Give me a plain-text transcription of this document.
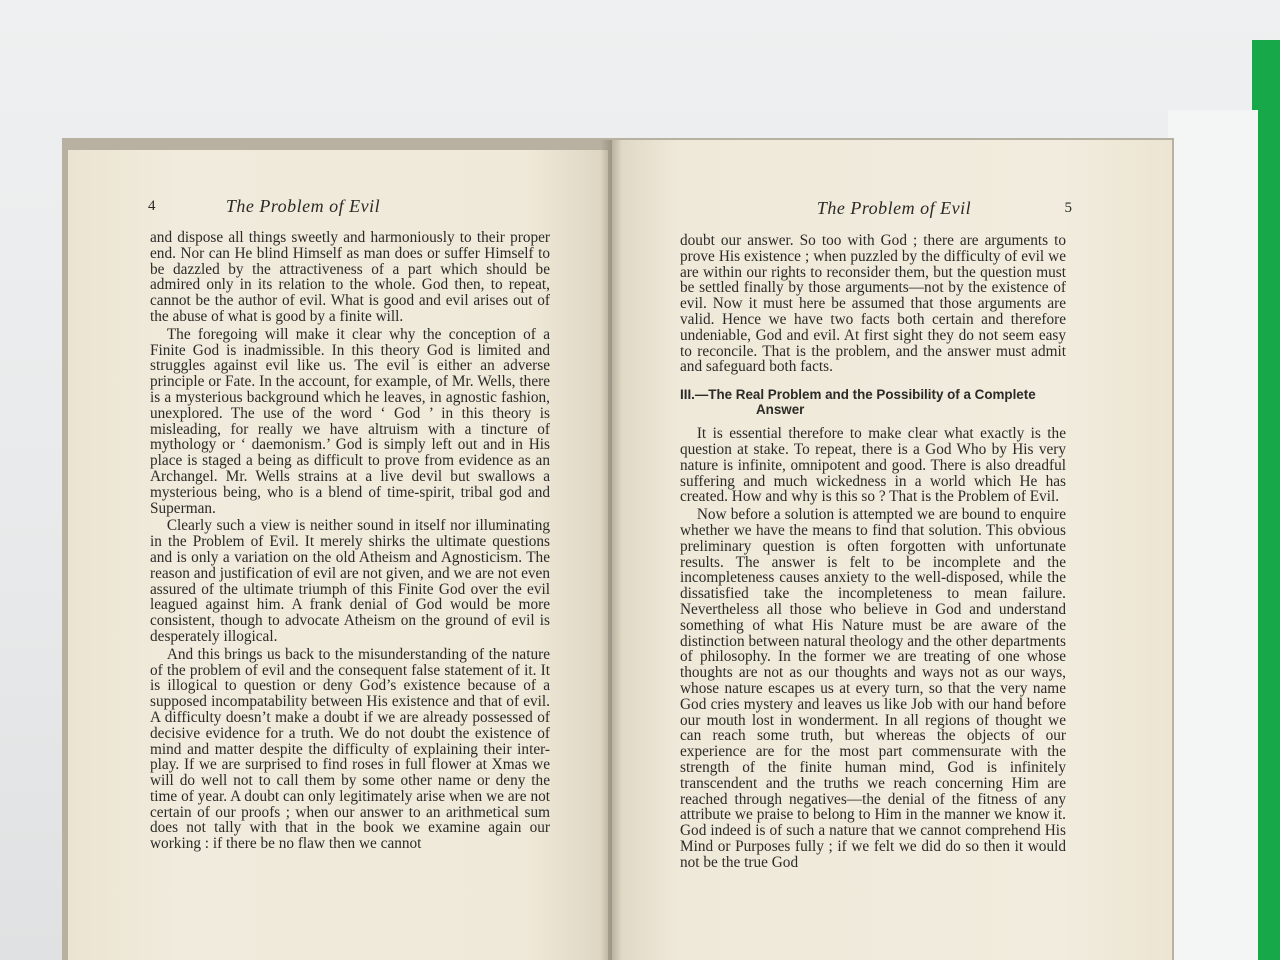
4	The Problem of Evil

and dispose all things sweetly and harmoniously to their proper end. Nor can He blind Himself as man does or suffer Himself to be dazzled by the attractiveness of a part which should be admired only in its relation to the whole. God then, to repeat, cannot be the author of evil. What is good and evil arises out of the abuse of what is good by a finite will.

The foregoing will make it clear why the conception of a Finite God is inadmissible. In this theory God is limited and struggles against evil like us. The evil is either an adverse principle or Fate. In the account, for example, of Mr. Wells, there is a mysterious background which he leaves, in agnostic fashion, unexplored. The use of the word ‘ God ’ in this theory is misleading, for really we have altruism with a tincture of mythology or ‘ daemonism.’ God is simply left out and in His place is staged a being as difficult to prove from evidence as an Archangel. Mr. Wells strains at a live devil but swallows a mysterious being, who is a blend of time-spirit, tribal god and Superman.

Clearly such a view is neither sound in itself nor illuminating in the Problem of Evil. It merely shirks the ultimate questions and is only a variation on the old Atheism and Agnosticism. The reason and justification of evil are not given, and we are not even assured of the ultimate triumph of this Finite God over the evil leagued against him. A frank denial of God would be more consistent, though to advocate Atheism on the ground of evil is desperately illogical.

And this brings us back to the misunderstanding of the nature of the problem of evil and the consequent false statement of it. It is illogical to question or deny God’s existence because of a supposed incompatability between His existence and that of evil. A difficulty doesn’t make a doubt if we are already possessed of decisive evidence for a truth. We do not doubt the existence of mind and matter despite the difficulty of explaining their inter-play. If we are surprised to find roses in full flower at Xmas we will do well not to call them by some other name or deny the time of year. A doubt can only legitimately arise when we are not certain of our proofs ; when our answer to an arithmetical sum does not tally with that in the book we examine again our working : if there be no flaw then we cannot

The Problem of Evil	5

doubt our answer. So too with God ; there are arguments to prove His existence ; when puzzled by the difficulty of evil we are within our rights to reconsider them, but the question must be settled finally by those arguments—not by the existence of evil. Now it must here be assumed that those arguments are valid. Hence we have two facts both certain and therefore undeniable, God and evil. At first sight they do not seem easy to reconcile. That is the problem, and the answer must admit and safeguard both facts.

III.—The Real Problem and the Possibility of a Complete Answer

It is essential therefore to make clear what exactly is the question at stake. To repeat, there is a God Who by His very nature is infinite, omnipotent and good. There is also dreadful suffering and much wickedness in a world which He has created. How and why is this so ? That is the Problem of Evil.

Now before a solution is attempted we are bound to enquire whether we have the means to find that solution. This obvious preliminary question is often forgotten with unfortunate results. The answer is felt to be incomplete and the incompleteness causes anxiety to the well-disposed, while the dissatisfied take the incompleteness to mean failure. Nevertheless all those who believe in God and understand something of what His Nature must be are aware of the distinction between natural theology and the other departments of philosophy. In the former we are treating of one whose thoughts are not as our thoughts and ways not as our ways, whose nature escapes us at every turn, so that the very name God cries mystery and leaves us like Job with our hand before our mouth lost in wonderment. In all regions of thought we can reach some truth, but whereas the objects of our experience are for the most part commensurate with the strength of the finite human mind, God is infinitely transcendent and the truths we reach concerning Him are reached through negatives—the denial of the fitness of any attribute we praise to belong to Him in the manner we know it. God indeed is of such a nature that we cannot comprehend His Mind or Purposes fully ; if we felt we did do so then it would not be the true God
